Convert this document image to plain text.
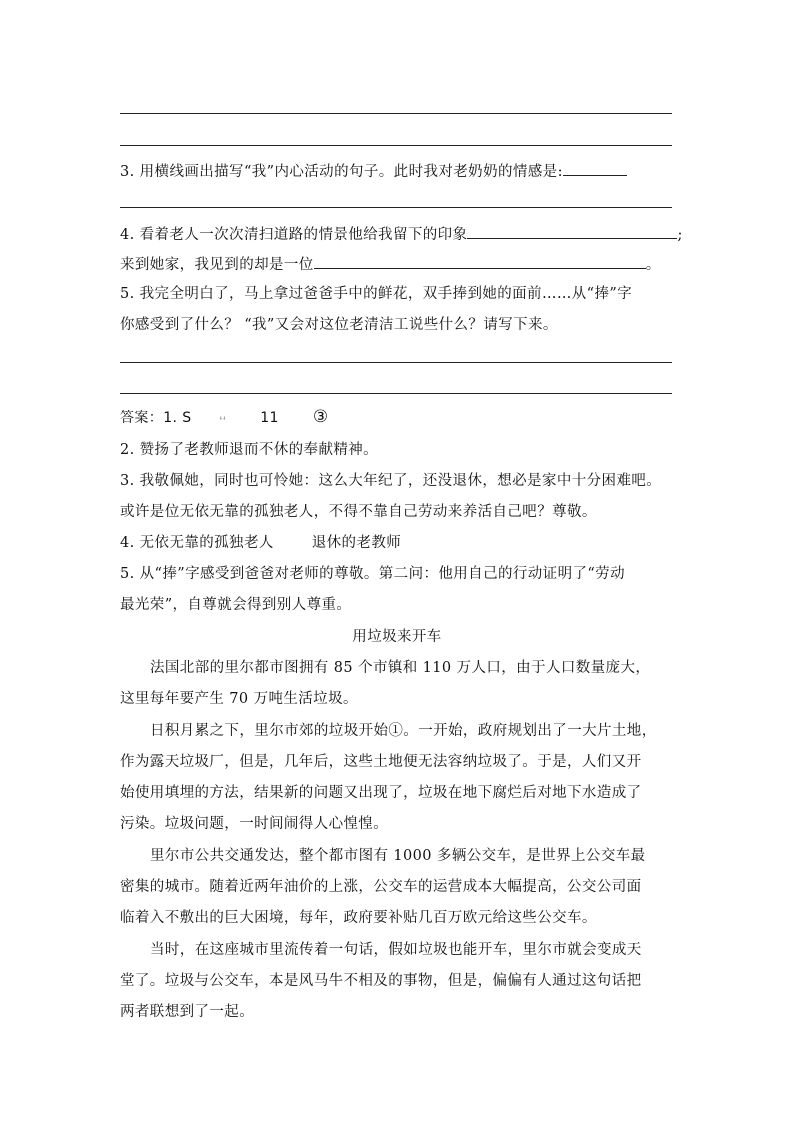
3. 用横线画出描写“我”内心活动的句子。此时我对老奶奶的情感是:
4. 看着老人一次次清扫道路的情景他给我留下的印象	;
来到她家，我见到的却是一位	。
5. 我完全明白了，马上拿过爸爸手中的鲜花，双手捧到她的面前……从“捧”字
你感受到了什么？ “我”又会对这位老清洁工说些什么？请写下来。
答案：1. S	ꜜꜜ 11 ③
2. 赞扬了老教师退而不休的奉献精神。
3. 我敬佩她，同时也可怜她：这么大年纪了，还没退休，想必是家中十分困难吧。
或许是位无依无靠的孤独老人，不得不靠自己劳动来养活自己吧？尊敬。
4. 无依无靠的孤独老人	退休的老教师
5. 从“捧”字感受到爸爸对老师的尊敬。第二问：他用自己的行动证明了“劳动
最光荣”，自尊就会得到别人尊重。
用垃圾来开车
法国北部的里尔都市图拥有 85 个市镇和 110 万人口，由于人口数量庞大，
这里每年要产生 70 万吨生活垃圾。
日积月累之下，里尔市郊的垃圾开始①。一开始，政府规划出了一大片土地，
作为露天垃圾厂，但是，几年后，这些土地便无法容纳垃圾了。于是，人们又开
始使用填埋的方法，结果新的问题又出现了，垃圾在地下腐烂后对地下水造成了
污染。垃圾问题，一时间闹得人心惶惶。
里尔市公共交通发达，整个都市图有 1000 多辆公交车，是世界上公交车最
密集的城市。随着近两年油价的上涨，公交车的运营成本大幅提高，公交公司面
临着入不敷出的巨大困境，每年，政府要补贴几百万欧元给这些公交车。
当时，在这座城市里流传着一句话，假如垃圾也能开车，里尔市就会变成天
堂了。垃圾与公交车，本是风马牛不相及的事物，但是，偏偏有人通过这句话把
两者联想到了一起。
